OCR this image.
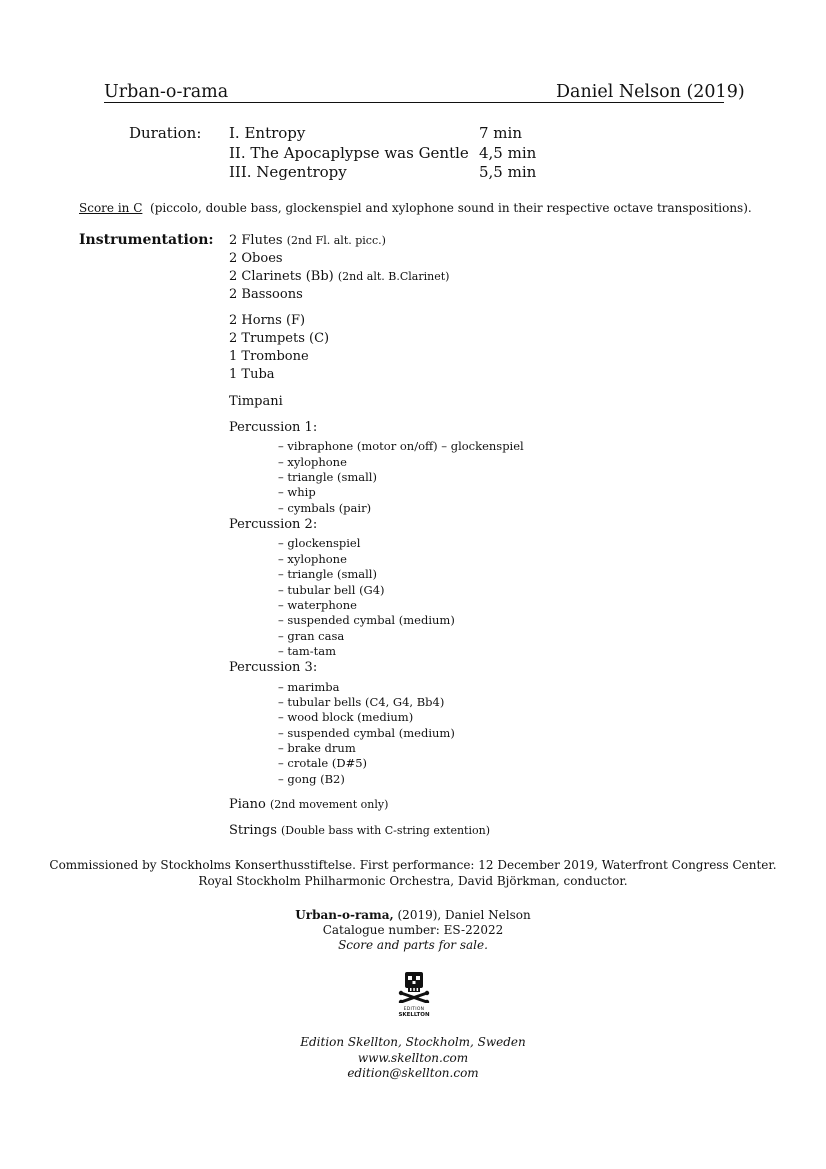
Urban-o-rama	Daniel Nelson (2019)
Duration: I. Entropy	7 min
II. The Apocaplypse was Gentle 4,5 min
III. Negentropy	5,5 min
Score in C (piccolo, double bass, glockenspiel and xylophone sound in their respective octave transpositions).
Instrumentation: 2 Flutes (2nd Fl. alt. picc.)
2 Oboes
2 Clarinets (Bb) (2nd alt. B.Clarinet)
2 Bassoons
2 Horns (F)
2 Trumpets (C)
1 Trombone
1 Tuba
Timpani
Percussion 1:
– vibraphone (motor on/off) – glockenspiel
– xylophone
– triangle (small)
– whip
– cymbals (pair)
Percussion 2:
– glockenspiel
– xylophone
– triangle (small)
– tubular bell (G4)
– waterphone
– suspended cymbal (medium)
– gran casa
– tam-tam
Percussion 3:
– marimba
– tubular bells (C4, G4, Bb4)
– wood block (medium)
– suspended cymbal (medium)
– brake drum
– crotale (D#5)
– gong (B2)
Piano (2nd movement only)
Strings (Double bass with C-string extention)
Commissioned by Stockholms Konserthusstiftelse. First performance: 12 December 2019, Waterfront Congress Center.
Royal Stockholm Philharmonic Orchestra, David Björkman, conductor.
Urban-o-rama, (2019), Daniel Nelson
Catalogue number: ES-22022
Score and parts for sale.
EDITION
SKELLTON
Edition Skellton, Stockholm, Sweden
www.skellton.com
edition@skellton.com
